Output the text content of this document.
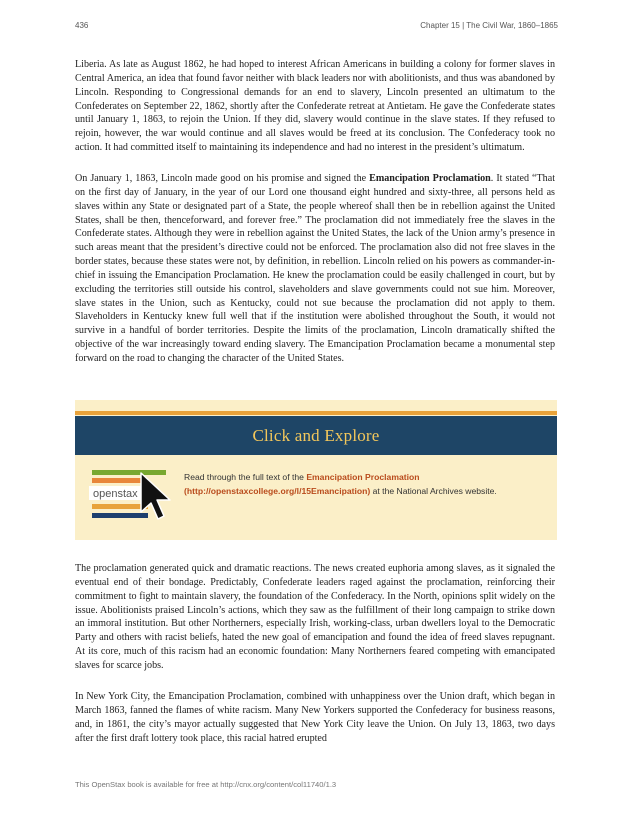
436	Chapter 15 | The Civil War, 1860–1865

Liberia. As late as August 1862, he had hoped to interest African Americans in building a colony for former slaves in Central America, an idea that found favor neither with black leaders nor with abolitionists, and thus was abandoned by Lincoln. Responding to Congressional demands for an end to slavery, Lincoln presented an ultimatum to the Confederates on September 22, 1862, shortly after the Confederate retreat at Antietam. He gave the Confederate states until January 1, 1863, to rejoin the Union. If they did, slavery would continue in the slave states. If they refused to rejoin, however, the war would continue and all slaves would be freed at its conclusion. The Confederacy took no action. It had committed itself to maintaining its independence and had no interest in the president’s ultimatum.

On January 1, 1863, Lincoln made good on his promise and signed the Emancipation Proclamation. It stated “That on the first day of January, in the year of our Lord one thousand eight hundred and sixty-three, all persons held as slaves within any State or designated part of a State, the people whereof shall then be in rebellion against the United States, shall be then, thenceforward, and forever free.” The proclamation did not immediately free the slaves in the Confederate states. Although they were in rebellion against the United States, the lack of the Union army’s presence in such areas meant that the president’s directive could not be enforced. The proclamation also did not free slaves in the border states, because these states were not, by definition, in rebellion. Lincoln relied on his powers as commander-in-chief in issuing the Emancipation Proclamation. He knew the proclamation could be easily challenged in court, but by excluding the territories still outside his control, slaveholders and slave governments could not sue him. Moreover, slave states in the Union, such as Kentucky, could not sue because the proclamation did not apply to them. Slaveholders in Kentucky knew full well that if the institution were abolished throughout the South, it would not survive in a handful of border territories. Despite the limits of the proclamation, Lincoln dramatically shifted the objective of the war increasingly toward ending slavery. The Emancipation Proclamation became a monumental step forward on the road to changing the character of the United States.

Click and Explore
openstax
Read through the full text of the Emancipation Proclamation (http://openstaxcollege.org/l/15Emancipation) at the National Archives website.

The proclamation generated quick and dramatic reactions. The news created euphoria among slaves, as it signaled the eventual end of their bondage. Predictably, Confederate leaders raged against the proclamation, reinforcing their commitment to fight to maintain slavery, the foundation of the Confederacy. In the North, opinions split widely on the issue. Abolitionists praised Lincoln’s actions, which they saw as the fulfillment of their long campaign to strike down an immoral institution. But other Northerners, especially Irish, working-class, urban dwellers loyal to the Democratic Party and others with racist beliefs, hated the new goal of emancipation and found the idea of freed slaves repugnant. At its core, much of this racism had an economic foundation: Many Northerners feared competing with emancipated slaves for scarce jobs.

In New York City, the Emancipation Proclamation, combined with unhappiness over the Union draft, which began in March 1863, fanned the flames of white racism. Many New Yorkers supported the Confederacy for business reasons, and, in 1861, the city’s mayor actually suggested that New York City leave the Union. On July 13, 1863, two days after the first draft lottery took place, this racial hatred erupted

This OpenStax book is available for free at http://cnx.org/content/col11740/1.3
